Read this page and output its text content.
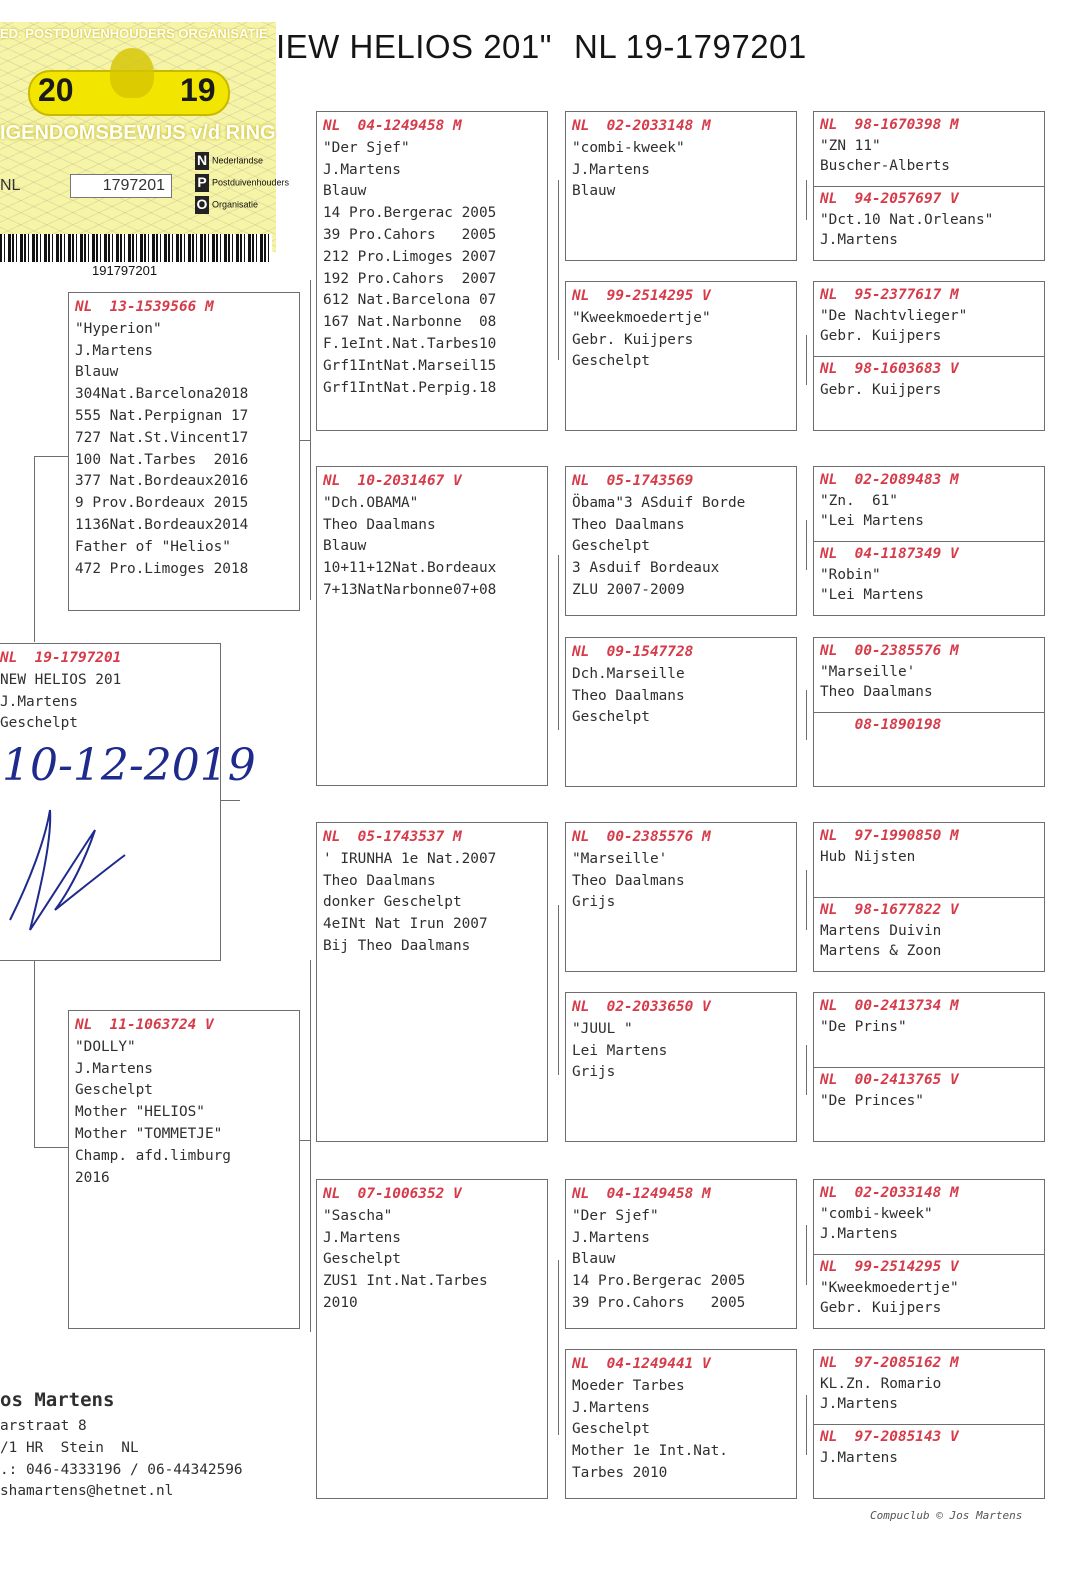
IEW HELIOS 201" NL 19-1797201
ED. POSTDUIVENHOUDERS ORGANISATIE
20	19
IGENDOMSBEWIJS v/d RING
N Nederlandse
P Postduivenhouders
O Organisatie
NL	1797201
191797201
NL  19-1797201
NEW HELIOS 201
J.Martens
Geschelpt
10-12-2019
NL  13-1539566 M
"Hyperion"
J.Martens
Blauw
304Nat.Barcelona2018
555 Nat.Perpignan 17
727 Nat.St.Vincent17
100 Nat.Tarbes  2016
377 Nat.Bordeaux2016
9 Prov.Bordeaux 2015
1136Nat.Bordeaux2014
Father of "Helios"
472 Pro.Limoges 2018
NL  11-1063724 V
"DOLLY"
J.Martens
Geschelpt
Mother "HELIOS"
Mother "TOMMETJE"
Champ. afd.limburg
2016
NL  04-1249458 M
"Der Sjef"
J.Martens
Blauw
14 Pro.Bergerac 2005
39 Pro.Cahors   2005
212 Pro.Limoges 2007
192 Pro.Cahors  2007
612 Nat.Barcelona 07
167 Nat.Narbonne  08
F.1eInt.Nat.Tarbes10
Grf1IntNat.Marseil15
Grf1IntNat.Perpig.18
NL  10-2031467 V
"Dch.OBAMA"
Theo Daalmans
Blauw
10+11+12Nat.Bordeaux
7+13NatNarbonne07+08
NL  05-1743537 M
' IRUNHA 1e Nat.2007
Theo Daalmans
donker Geschelpt
4eINt Nat Irun 2007
Bij Theo Daalmans
NL  07-1006352 V
"Sascha"
J.Martens
Geschelpt
ZUS1 Int.Nat.Tarbes
2010
NL  02-2033148 M
"combi-kweek"
J.Martens
Blauw
NL  99-2514295 V
"Kweekmoedertje"
Gebr. Kuijpers
Geschelpt
NL  05-1743569
Öbama"3 ASduif Borde
Theo Daalmans
Geschelpt
3 Asduif Bordeaux
ZLU 2007-2009
NL  09-1547728
Dch.Marseille
Theo Daalmans
Geschelpt
NL  00-2385576 M
"Marseille'
Theo Daalmans
Grijs
NL  02-2033650 V
"JUUL "
Lei Martens
Grijs
NL  04-1249458 M
"Der Sjef"
J.Martens
Blauw
14 Pro.Bergerac 2005
39 Pro.Cahors   2005
NL  04-1249441 V
Moeder Tarbes
J.Martens
Geschelpt
Mother 1e Int.Nat.
Tarbes 2010
NL  98-1670398 M
"ZN 11"
Buscher-Alberts
NL  94-2057697 V
"Dct.10 Nat.Orleans"
J.Martens
NL  95-2377617 M
"De Nachtvlieger"
Gebr. Kuijpers
NL  98-1603683 V
Gebr. Kuijpers
NL  02-2089483 M
"Zn.  61"
"Lei Martens
NL  04-1187349 V
"Robin"
"Lei Martens
NL  00-2385576 M
"Marseille'
Theo Daalmans
08-1890198
NL  97-1990850 M
Hub Nijsten
NL  98-1677822 V
Martens Duivin
Martens & Zoon
NL  00-2413734 M
"De Prins"
NL  00-2413765 V
"De Princes"
NL  02-2033148 M
"combi-kweek"
J.Martens
NL  99-2514295 V
"Kweekmoedertje"
Gebr. Kuijpers
NL  97-2085162 M
KL.Zn. Romario
J.Martens
NL  97-2085143 V
J.Martens
os Martens
arstraat 8
/1 HR  Stein  NL
.: 046-4333196 / 06-44342596
shamartens@hetnet.nl
Compuclub © Jos Martens
